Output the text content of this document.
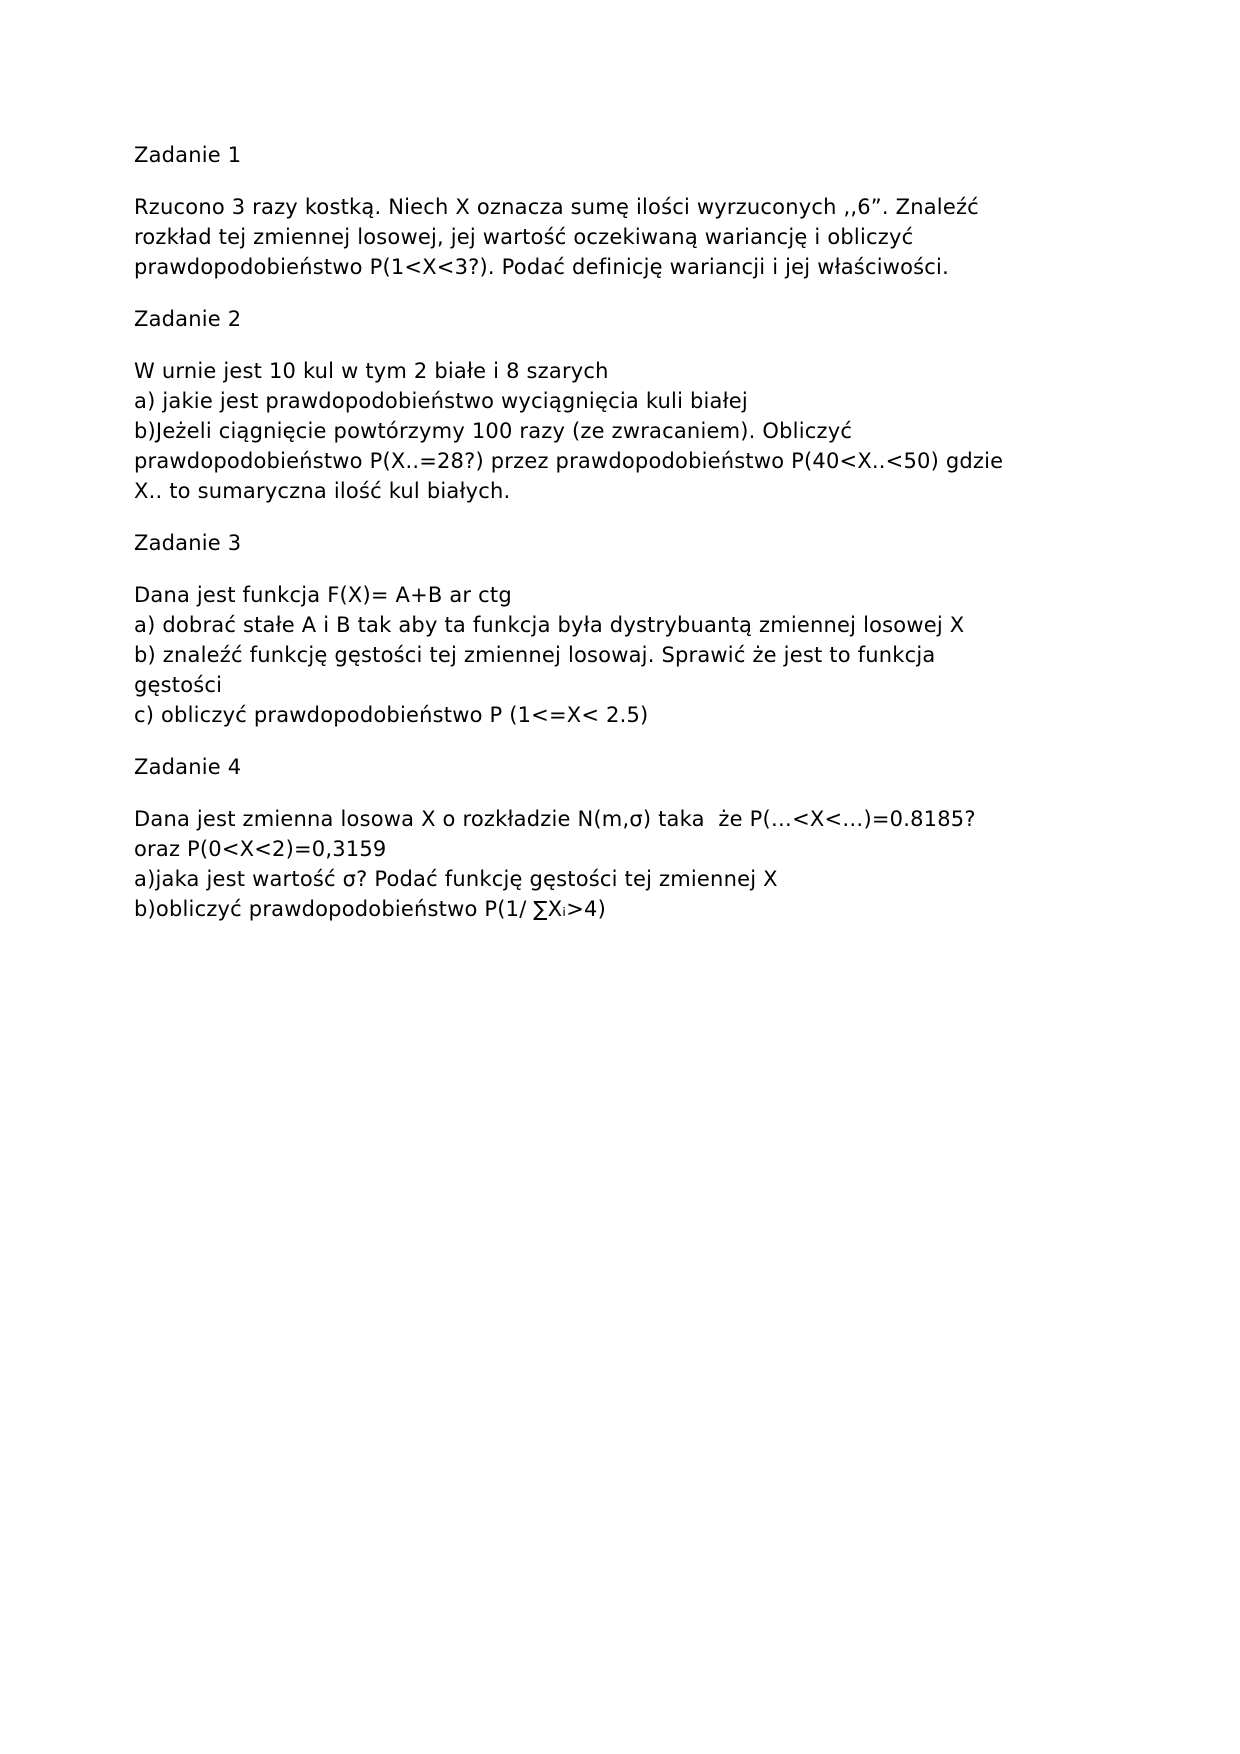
Zadanie 1
Rzucono 3 razy kostką. Niech X oznacza sumę ilości wyrzuconych ,,6”. Znaleźć
rozkład tej zmiennej losowej, jej wartość oczekiwaną wariancję i obliczyć
prawdopodobieństwo P(1<X<3?). Podać definicję wariancji i jej właściwości.
Zadanie 2
W urnie jest 10 kul w tym 2 białe i 8 szarych
a) jakie jest prawdopodobieństwo wyciągnięcia kuli białej
b)Jeżeli ciągnięcie powtórzymy 100 razy (ze zwracaniem). Obliczyć
prawdopodobieństwo P(X..=28?) przez prawdopodobieństwo P(40<X..<50) gdzie
X.. to sumaryczna ilość kul białych.
Zadanie 3
Dana jest funkcja F(X)= A+B ar ctg
a) dobrać stałe A i B tak aby ta funkcja była dystrybuantą zmiennej losowej X
b) znaleźć funkcję gęstości tej zmiennej losowaj. Sprawić że jest to funkcja
gęstości
c) obliczyć prawdopodobieństwo P (1<=X< 2.5)
Zadanie 4
Dana jest zmienna losowa X o rozkładzie N(m,σ) taka  że P(…<X<…)=0.8185?
oraz P(0<X<2)=0,3159
a)jaka jest wartość σ? Podać funkcję gęstości tej zmiennej X
b)obliczyć prawdopodobieństwo P(1/ ∑Xᵢ>4)
